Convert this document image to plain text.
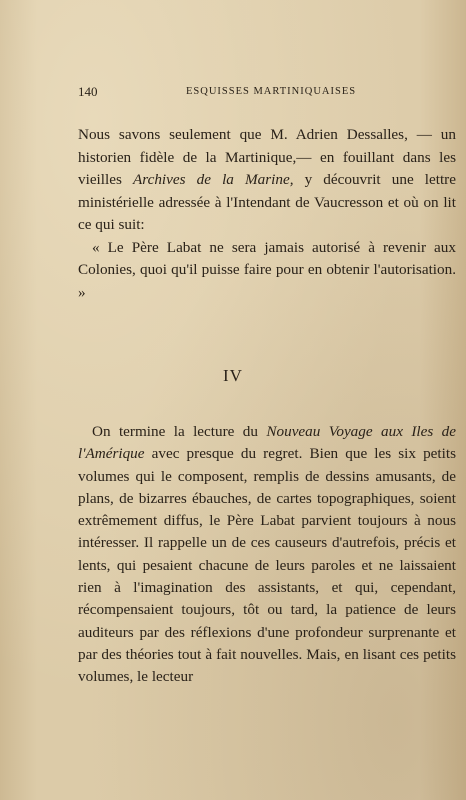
140	ESQUISSES MARTINIQUAISES

Nous savons seulement que M. Adrien Dessalles, — un historien fidèle de la Martinique,— en fouillant dans les vieilles Archives de la Marine, y découvrit une lettre ministérielle adressée à l'Intendant de Vaucresson et où on lit ce qui suit:

« Le Père Labat ne sera jamais autorisé à revenir aux Colonies, quoi qu'il puisse faire pour en obtenir l'autorisation. »

IV

On termine la lecture du Nouveau Voyage aux Iles de l'Amérique avec presque du regret. Bien que les six petits volumes qui le composent, remplis de dessins amusants, de plans, de bizarres ébauches, de cartes topographiques, soient extrêmement diffus, le Père Labat parvient toujours à nous intéresser. Il rappelle un de ces causeurs d'autrefois, précis et lents, qui pesaient chacune de leurs paroles et ne laissaient rien à l'imagination des assistants, et qui, cependant, récompensaient toujours, tôt ou tard, la patience de leurs auditeurs par des réflexions d'une profondeur surprenante et par des théories tout à fait nouvelles. Mais, en lisant ces petits volumes, le lecteur
